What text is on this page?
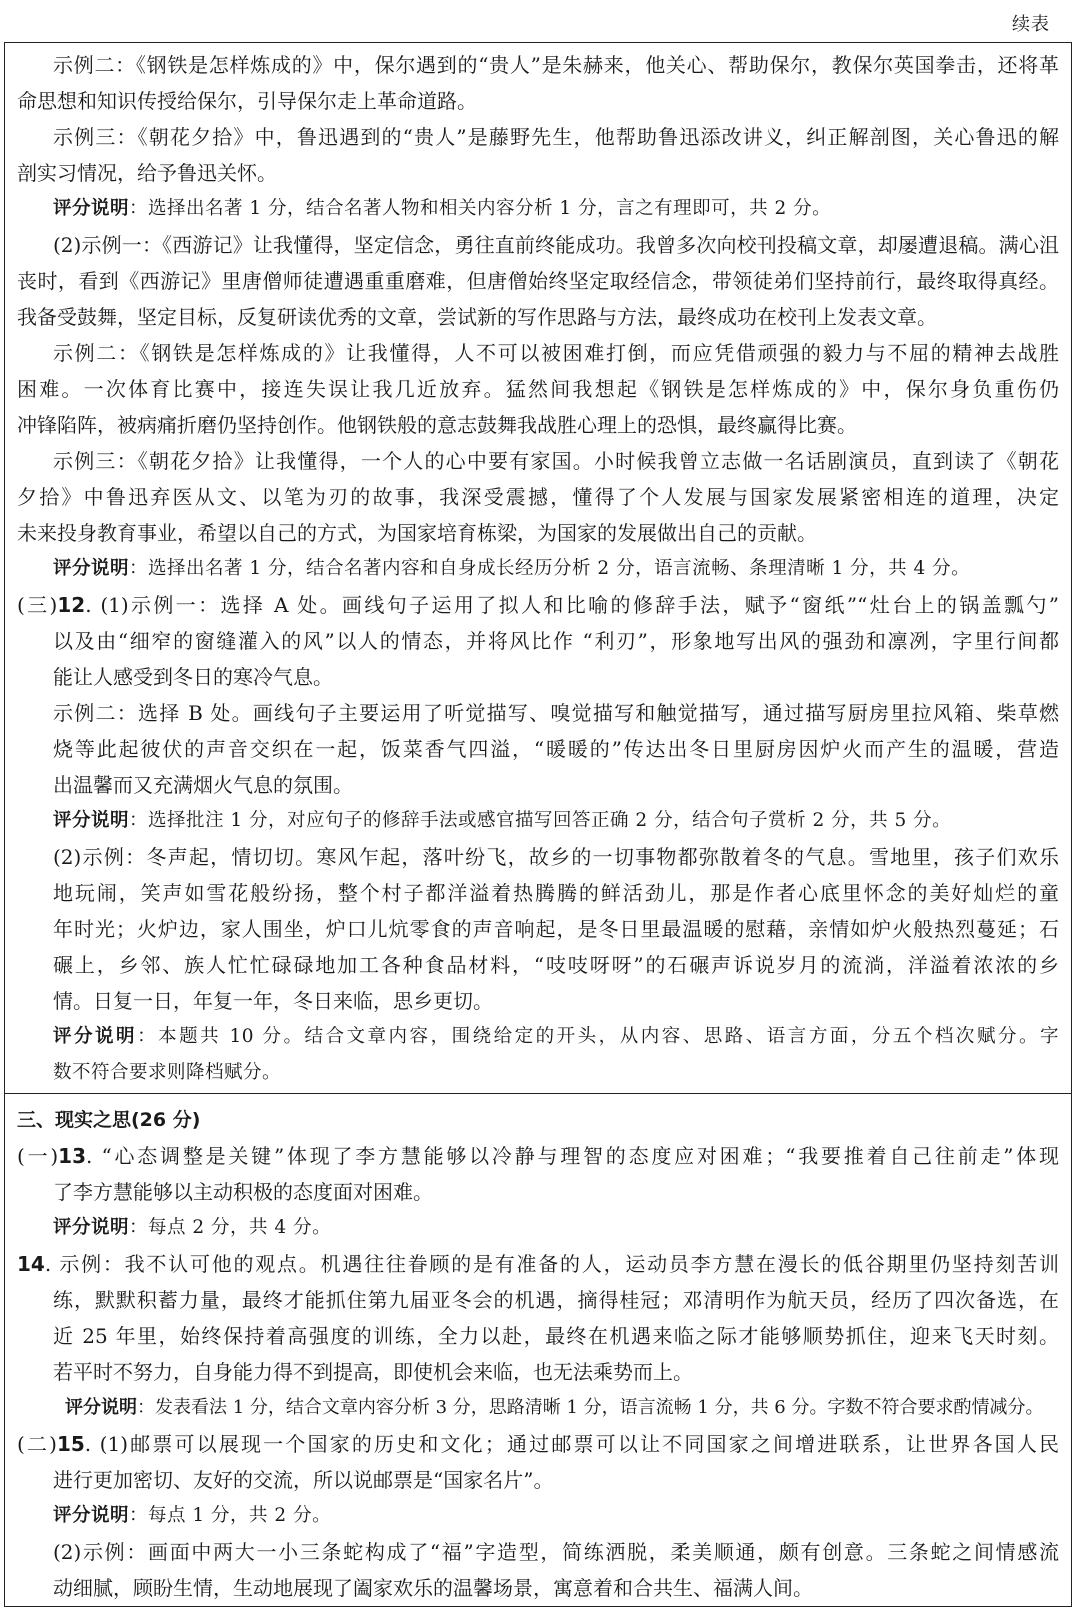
续表
示例二：《钢铁是怎样炼成的》中，保尔遇到的“贵人”是朱赫来，他关心、帮助保尔，教保尔英国拳击，还将革
命思想和知识传授给保尔，引导保尔走上革命道路。
示例三：《朝花夕拾》中，鲁迅遇到的“贵人”是藤野先生，他帮助鲁迅添改讲义，纠正解剖图，关心鲁迅的解
剖实习情况，给予鲁迅关怀。
评分说明：选择出名著 1 分，结合名著人物和相关内容分析 1 分，言之有理即可，共 2 分。
(2)示例一：《西游记》让我懂得，坚定信念，勇往直前终能成功。我曾多次向校刊投稿文章，却屡遭退稿。满心沮
丧时，看到《西游记》里唐僧师徒遭遇重重磨难，但唐僧始终坚定取经信念，带领徒弟们坚持前行，最终取得真经。
我备受鼓舞，坚定目标，反复研读优秀的文章，尝试新的写作思路与方法，最终成功在校刊上发表文章。
示例二：《钢铁是怎样炼成的》让我懂得，人不可以被困难打倒，而应凭借顽强的毅力与不屈的精神去战胜
困难。一次体育比赛中，接连失误让我几近放弃。猛然间我想起《钢铁是怎样炼成的》中，保尔身负重伤仍
冲锋陷阵，被病痛折磨仍坚持创作。他钢铁般的意志鼓舞我战胜心理上的恐惧，最终赢得比赛。
示例三：《朝花夕拾》让我懂得，一个人的心中要有家国。小时候我曾立志做一名话剧演员，直到读了《朝花
夕拾》中鲁迅弃医从文、以笔为刃的故事，我深受震撼，懂得了个人发展与国家发展紧密相连的道理，决定
未来投身教育事业，希望以自己的方式，为国家培育栋梁，为国家的发展做出自己的贡献。
评分说明：选择出名著 1 分，结合名著内容和自身成长经历分析 2 分，语言流畅、条理清晰 1 分，共 4 分。
(三)12. (1)示例一：选择 A 处。画线句子运用了拟人和比喻的修辞手法，赋予“窗纸”“灶台上的锅盖瓢勺”
以及由“细窄的窗缝灌入的风”以人的情态，并将风比作 “利刃”，形象地写出风的强劲和凛冽，字里行间都
能让人感受到冬日的寒冷气息。
示例二：选择 B 处。画线句子主要运用了听觉描写、嗅觉描写和触觉描写，通过描写厨房里拉风箱、柴草燃
烧等此起彼伏的声音交织在一起，饭菜香气四溢，“暖暖的”传达出冬日里厨房因炉火而产生的温暖，营造
出温馨而又充满烟火气息的氛围。
评分说明：选择批注 1 分，对应句子的修辞手法或感官描写回答正确 2 分，结合句子赏析 2 分，共 5 分。
(2)示例：冬声起，情切切。寒风乍起，落叶纷飞，故乡的一切事物都弥散着冬的气息。雪地里，孩子们欢乐
地玩闹，笑声如雪花般纷扬，整个村子都洋溢着热腾腾的鲜活劲儿，那是作者心底里怀念的美好灿烂的童
年时光；火炉边，家人围坐，炉口儿炕零食的声音响起，是冬日里最温暖的慰藉，亲情如炉火般热烈蔓延；石
碾上，乡邻、族人忙忙碌碌地加工各种食品材料，“吱吱呀呀”的石碾声诉说岁月的流淌，洋溢着浓浓的乡
情。日复一日，年复一年，冬日来临，思乡更切。
评分说明：本题共 10 分。结合文章内容，围绕给定的开头，从内容、思路、语言方面，分五个档次赋分。字
数不符合要求则降档赋分。
三、现实之思(26 分)
(一)13. “心态调整是关键”体现了李方慧能够以冷静与理智的态度应对困难；“我要推着自己往前走”体现
了李方慧能够以主动积极的态度面对困难。
评分说明：每点 2 分，共 4 分。
14. 示例：我不认可他的观点。机遇往往眷顾的是有准备的人，运动员李方慧在漫长的低谷期里仍坚持刻苦训
练，默默积蓄力量，最终才能抓住第九届亚冬会的机遇，摘得桂冠；邓清明作为航天员，经历了四次备选，在
近 25 年里，始终保持着高强度的训练，全力以赴，最终在机遇来临之际才能够顺势抓住，迎来飞天时刻。
若平时不努力，自身能力得不到提高，即使机会来临，也无法乘势而上。
评分说明：发表看法 1 分，结合文章内容分析 3 分，思路清晰 1 分，语言流畅 1 分，共 6 分。字数不符合要求酌情减分。
(二)15. (1)邮票可以展现一个国家的历史和文化；通过邮票可以让不同国家之间增进联系，让世界各国人民
进行更加密切、友好的交流，所以说邮票是“国家名片”。
评分说明：每点 1 分，共 2 分。
(2)示例：画面中两大一小三条蛇构成了“福”字造型，简练洒脱，柔美顺通，颇有创意。三条蛇之间情感流
动细腻，顾盼生情，生动地展现了阖家欢乐的温馨场景，寓意着和合共生、福满人间。
